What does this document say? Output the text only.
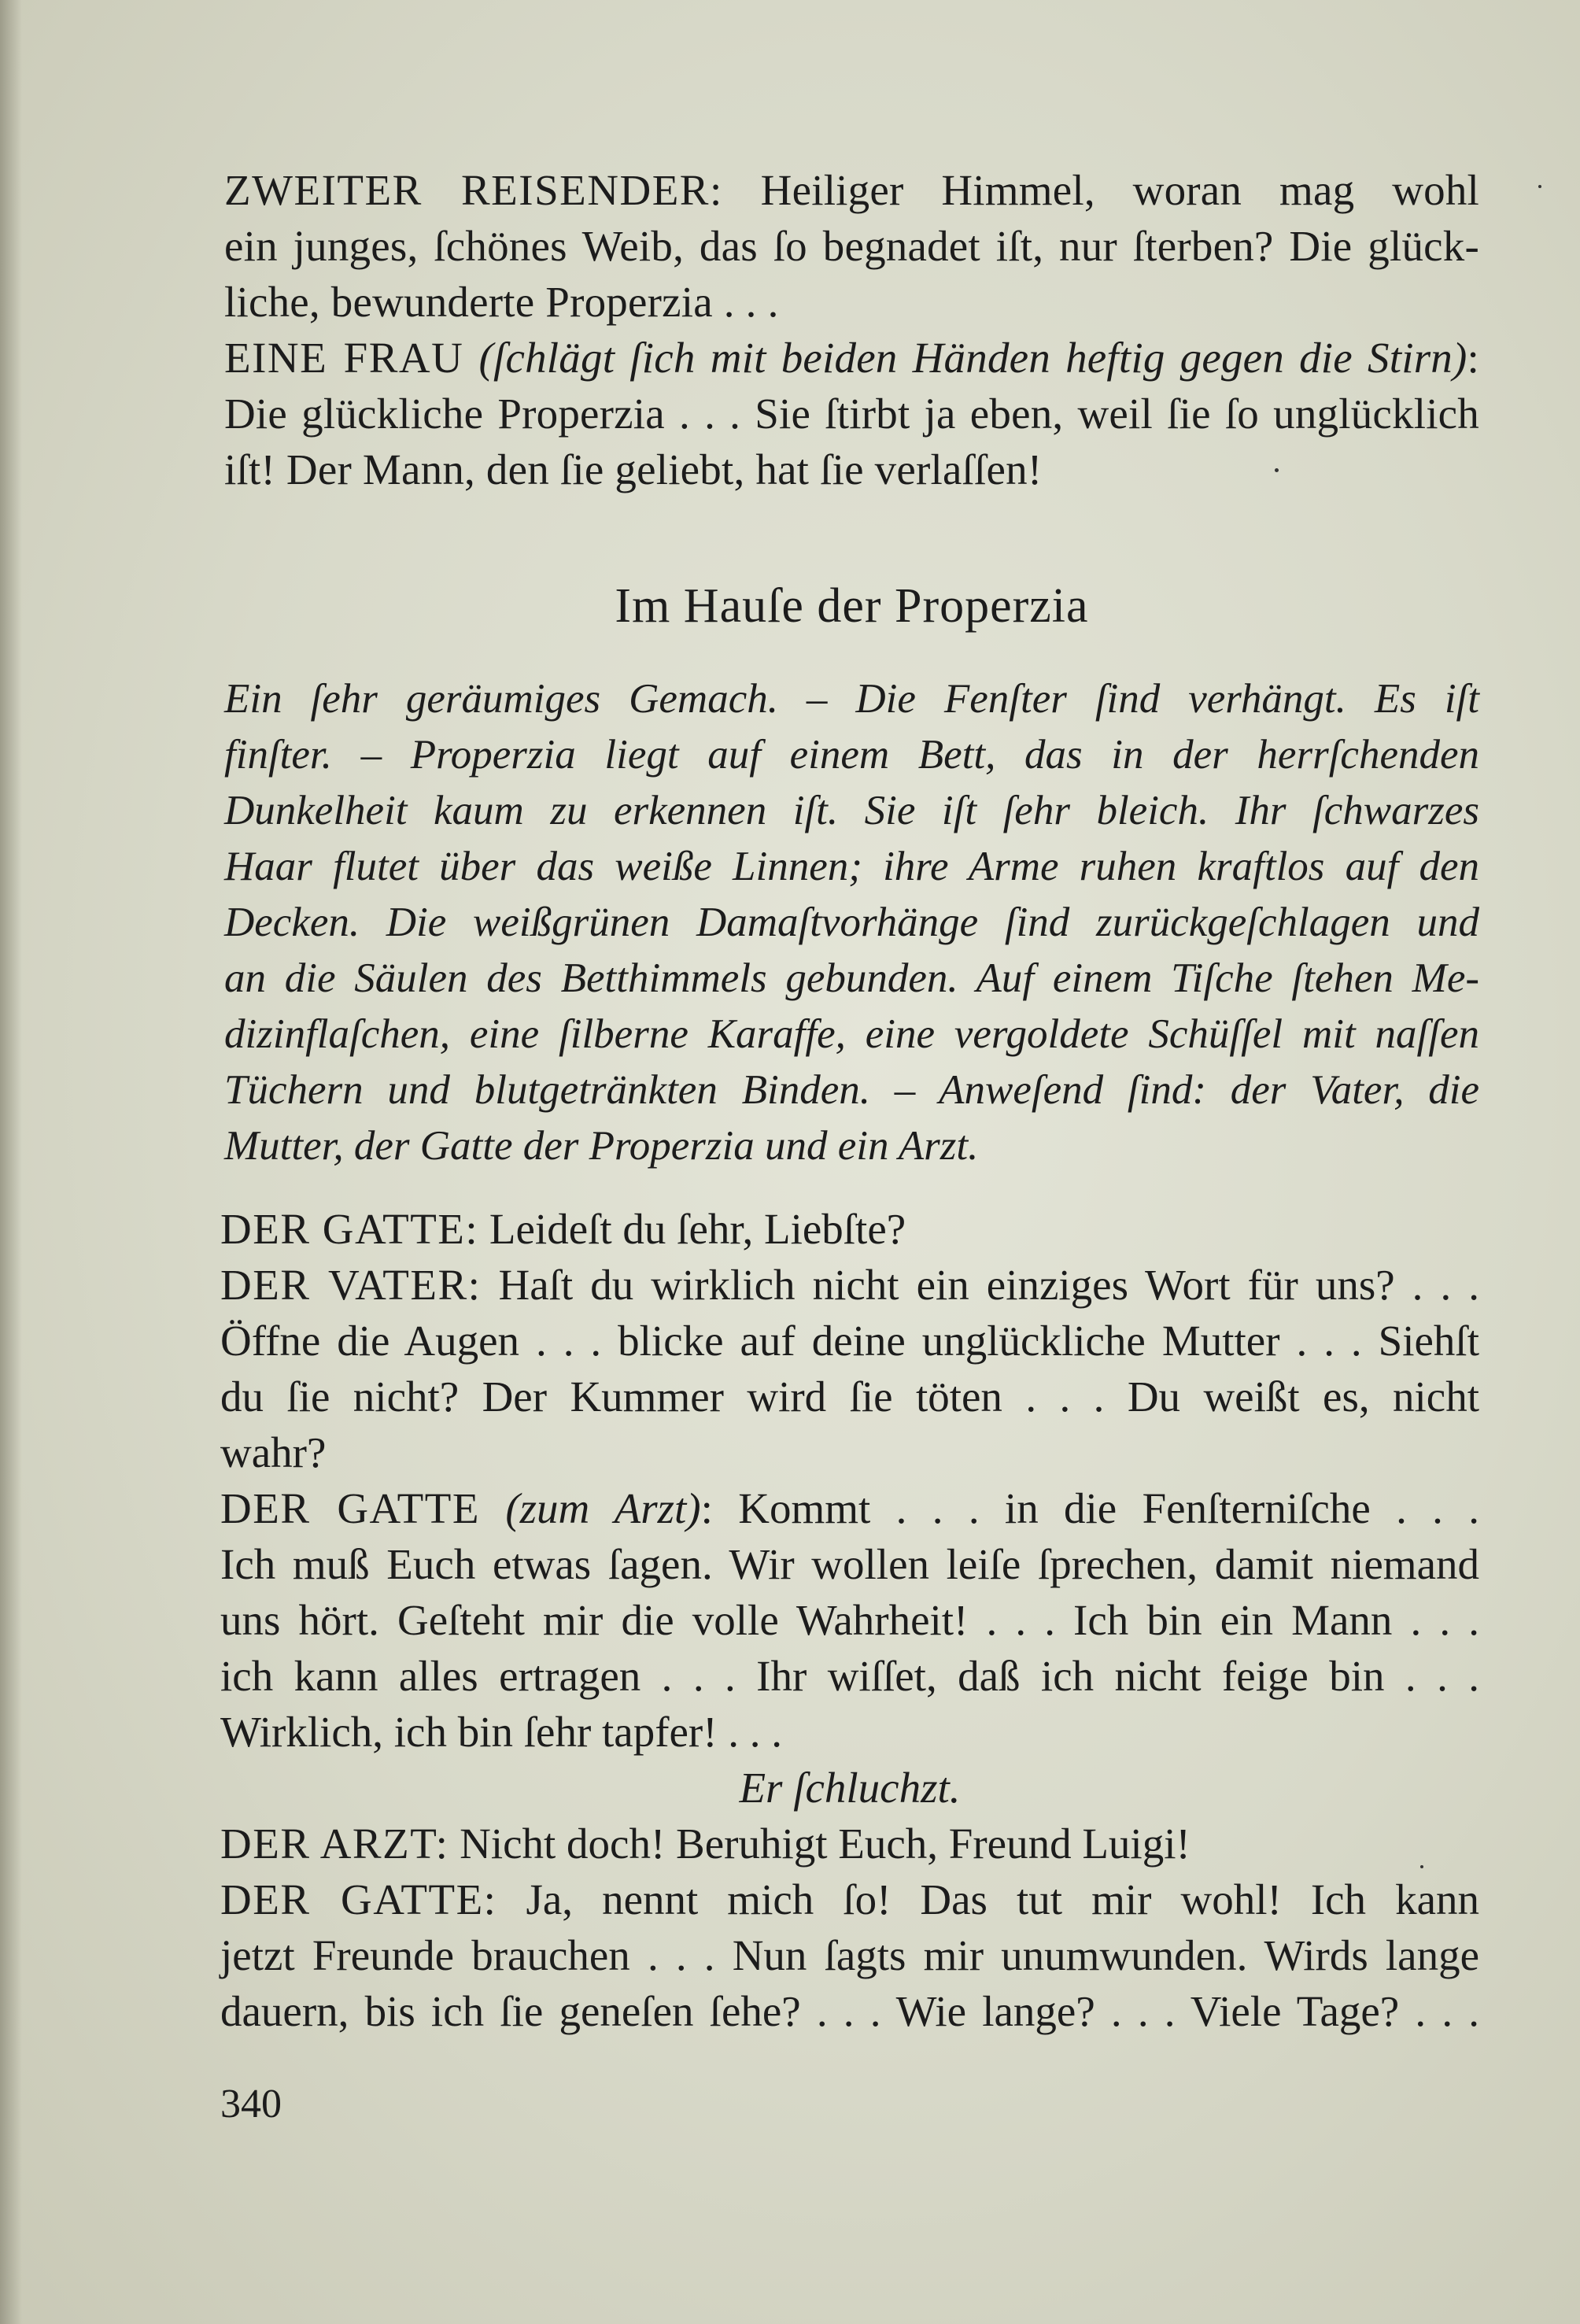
ZWEITER REISENDER: Heiliger Himmel, woran mag wohl
ein junges, ſchönes Weib, das ſo begnadet iſt, nur ſterben? Die glück-
liche, bewunderte Properzia . . .
EINE FRAU (ſchlägt ſich mit beiden Händen heftig gegen die Stirn):
Die glückliche Properzia . . . Sie ſtirbt ja eben, weil ſie ſo unglücklich
iſt! Der Mann, den ſie geliebt, hat ſie verlaſſen!
Im Hauſe der Properzia
Ein ſehr geräumiges Gemach. – Die Fenſter ſind verhängt. Es iſt
finſter. – Properzia liegt auf einem Bett, das in der herrſchenden
Dunkelheit kaum zu erkennen iſt. Sie iſt ſehr bleich. Ihr ſchwarzes
Haar flutet über das weiße Linnen; ihre Arme ruhen kraftlos auf den
Decken. Die weißgrünen Damaſtvorhänge ſind zurückgeſchlagen und
an die Säulen des Betthimmels gebunden. Auf einem Tiſche ſtehen Me-
dizinflaſchen, eine ſilberne Karaffe, eine vergoldete Schüſſel mit naſſen
Tüchern und blutgetränkten Binden. – Anweſend ſind: der Vater, die
Mutter, der Gatte der Properzia und ein Arzt.
DER GATTE: Leideſt du ſehr, Liebſte?
DER VATER: Haſt du wirklich nicht ein einziges Wort für uns? . . .
Öffne die Augen . . . blicke auf deine unglückliche Mutter . . . Siehſt
du ſie nicht? Der Kummer wird ſie töten . . . Du weißt es, nicht
wahr?
DER GATTE (zum Arzt): Kommt . . . in die Fenſterniſche . . .
Ich muß Euch etwas ſagen. Wir wollen leiſe ſprechen, damit niemand
uns hört. Geſteht mir die volle Wahrheit! . . . Ich bin ein Mann . . .
ich kann alles ertragen . . . Ihr wiſſet, daß ich nicht feige bin . . .
Wirklich, ich bin ſehr tapfer! . . .
Er ſchluchzt.
DER ARZT: Nicht doch! Beruhigt Euch, Freund Luigi!
DER GATTE: Ja, nennt mich ſo! Das tut mir wohl! Ich kann
jetzt Freunde brauchen . . . Nun ſagts mir unumwunden. Wirds lange
dauern, bis ich ſie geneſen ſehe? . . . Wie lange? . . . Viele Tage? . . .
340
